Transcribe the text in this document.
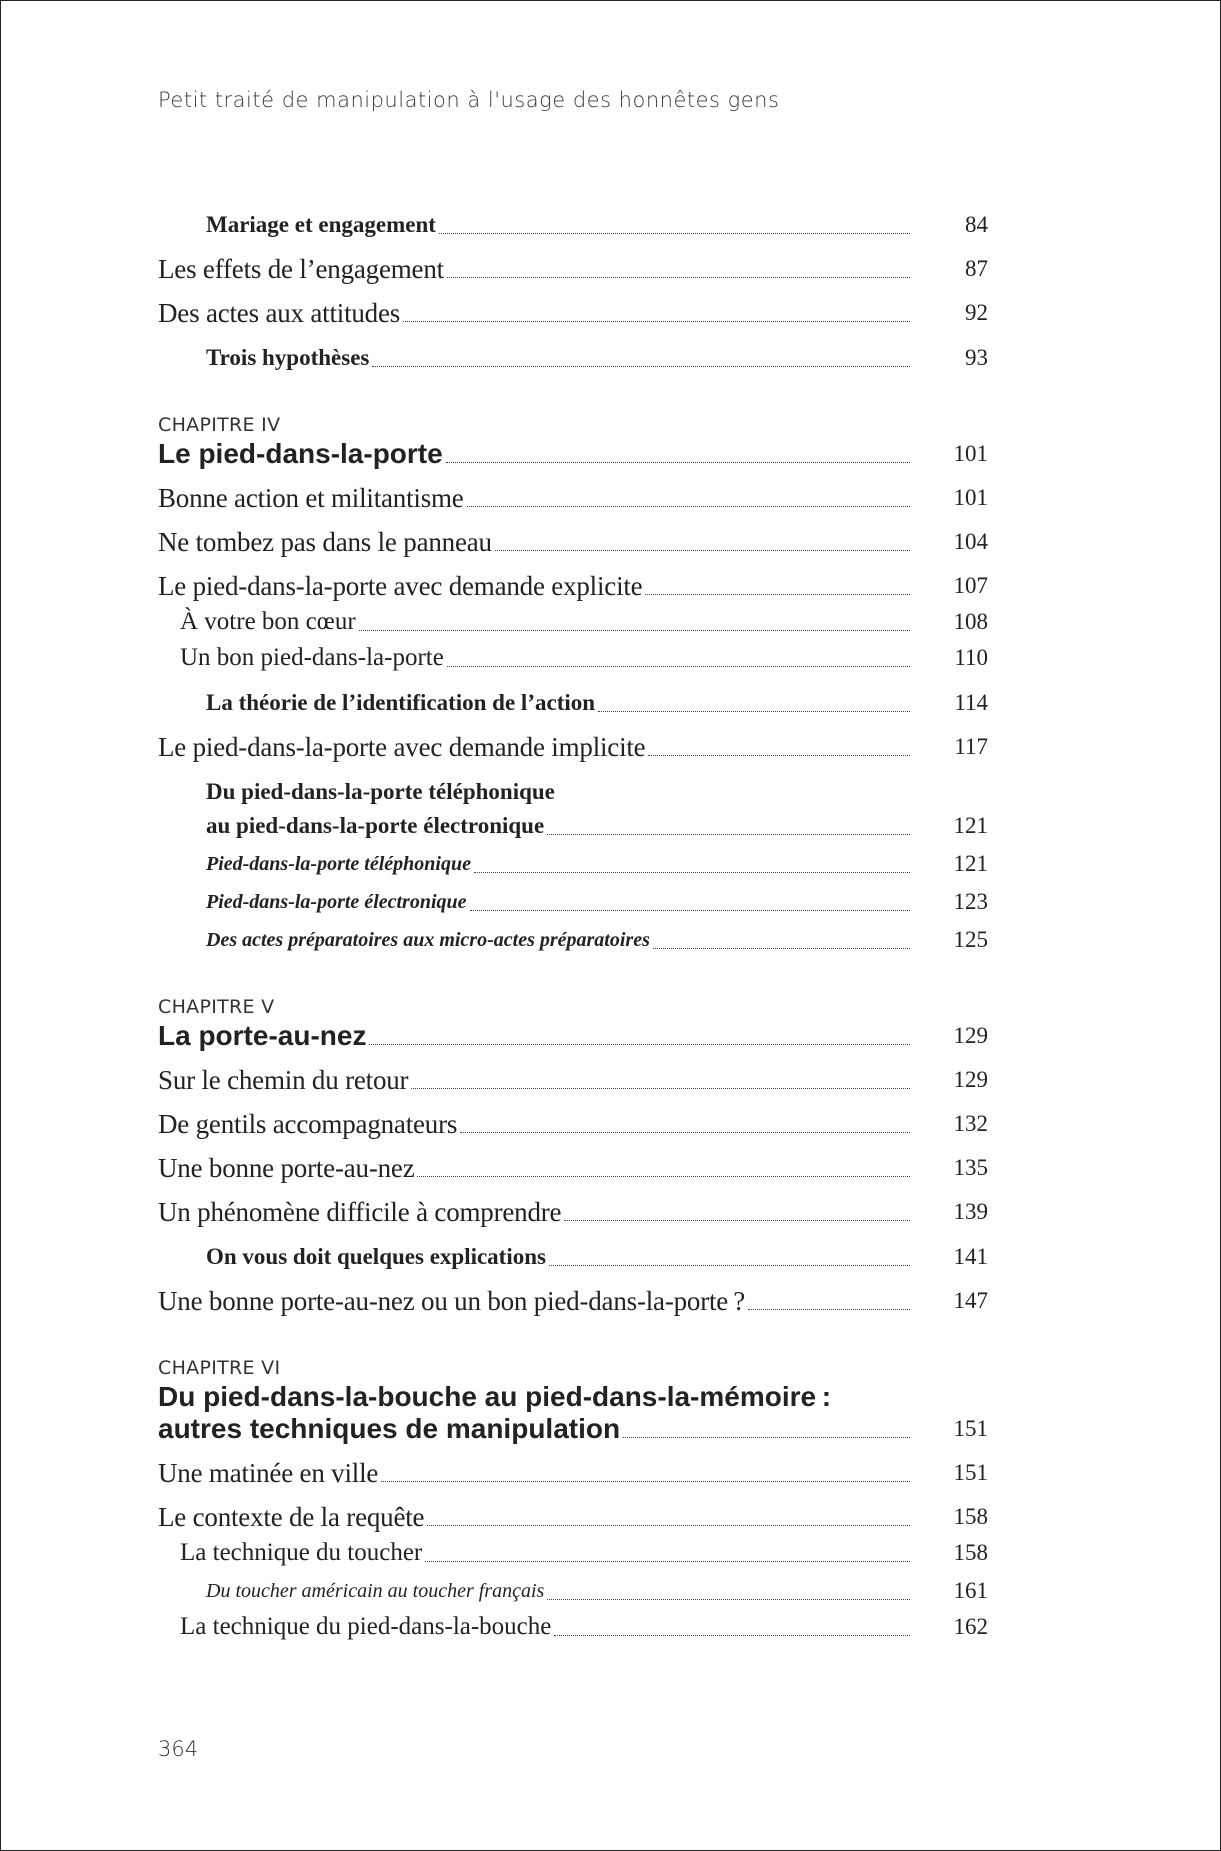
Petit traité de manipulation à l'usage des honnêtes gens
Mariage et engagement	84
Les effets de l’engagement	87
Des actes aux attitudes	92
Trois hypothèses	93
CHAPITRE IV
Le pied-dans-la-porte	101
Bonne action et militantisme	101
Ne tombez pas dans le panneau	104
Le pied-dans-la-porte avec demande explicite	107
À votre bon cœur	108
Un bon pied-dans-la-porte	110
La théorie de l’identification de l’action	114
Le pied-dans-la-porte avec demande implicite	117
Du pied-dans-la-porte téléphonique
au pied-dans-la-porte électronique	121
Pied-dans-la-porte téléphonique	121
Pied-dans-la-porte électronique	123
Des actes préparatoires aux micro-actes préparatoires	125
CHAPITRE V
La porte-au-nez	129
Sur le chemin du retour	129
De gentils accompagnateurs	132
Une bonne porte-au-nez	135
Un phénomène difficile à comprendre	139
On vous doit quelques explications	141
Une bonne porte-au-nez ou un bon pied-dans-la-porte ?	147
CHAPITRE VI
Du pied-dans-la-bouche au pied-dans-la-mémoire :
autres techniques de manipulation	151
Une matinée en ville	151
Le contexte de la requête	158
La technique du toucher	158
Du toucher américain au toucher français	161
La technique du pied-dans-la-bouche	162
364
